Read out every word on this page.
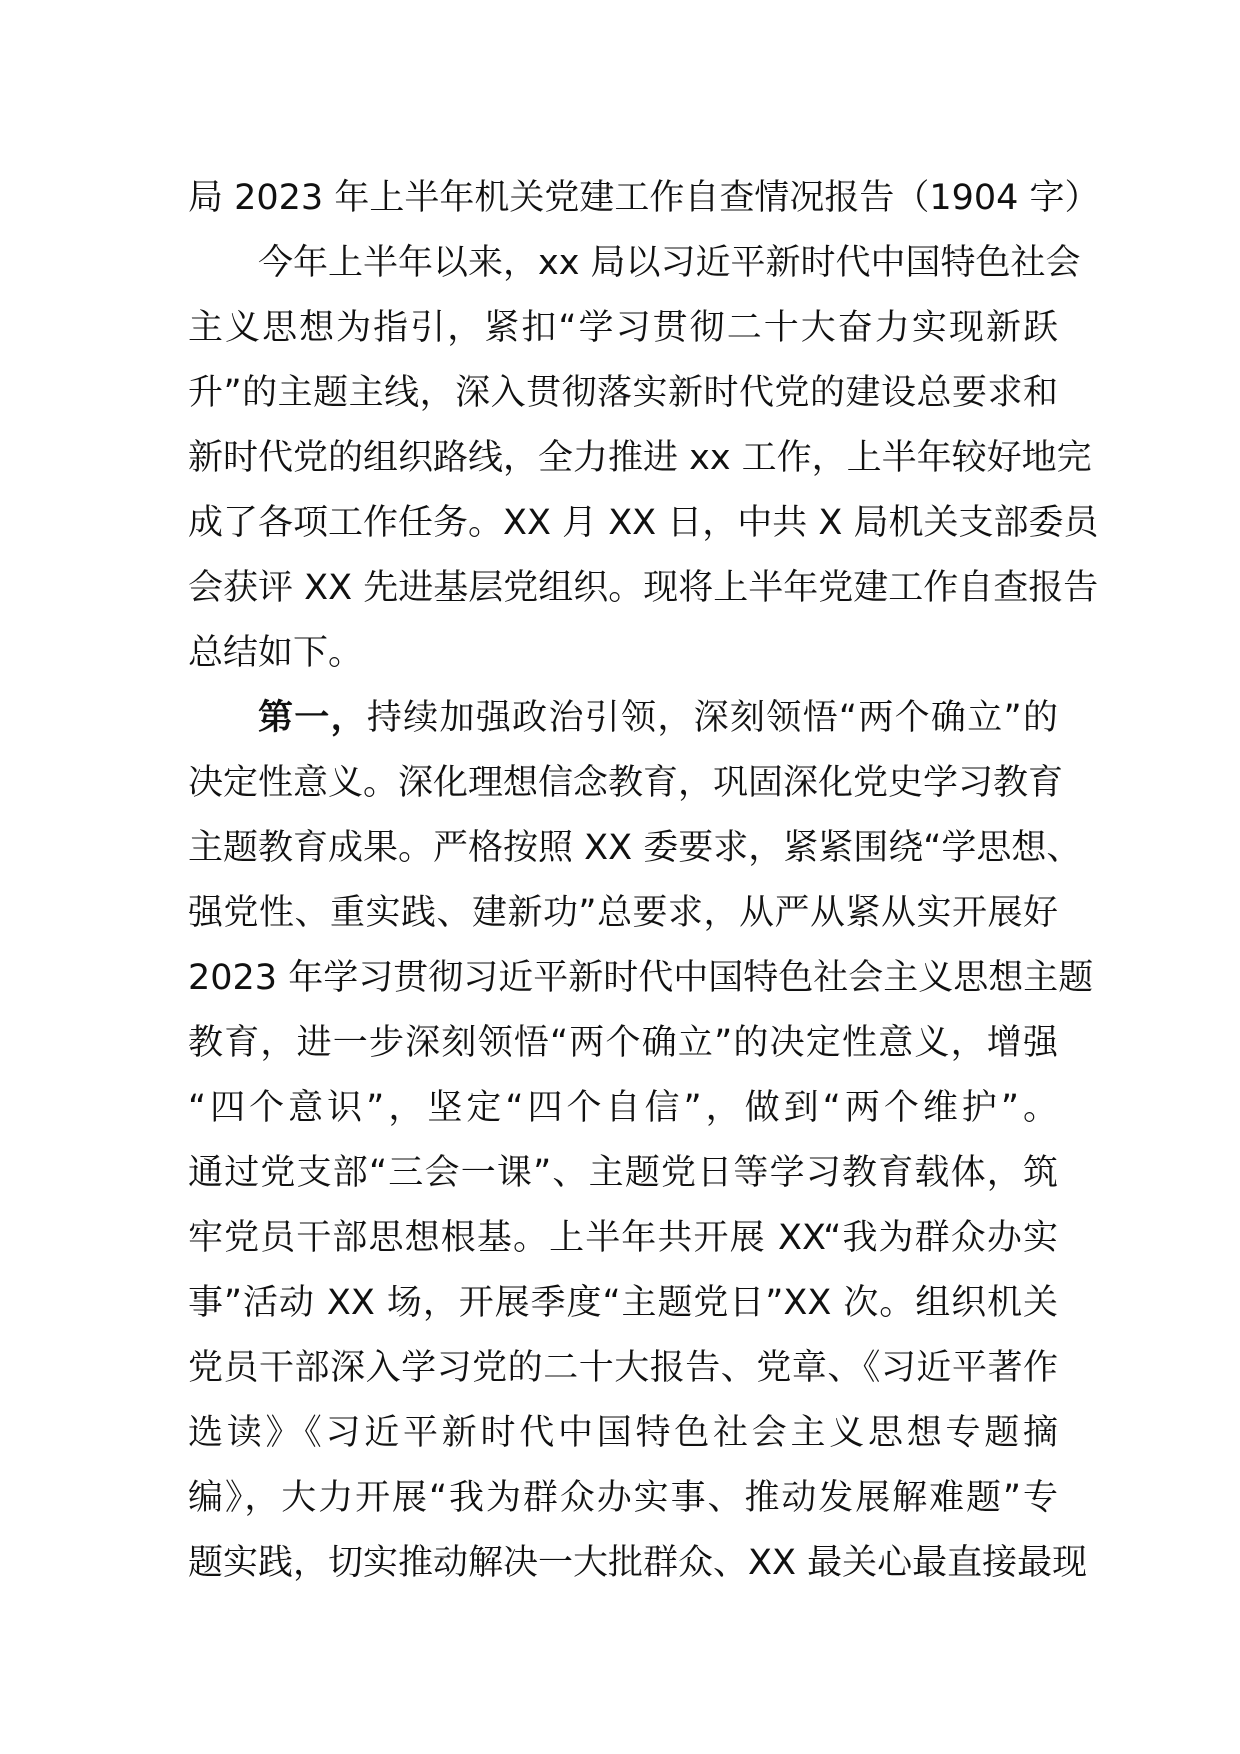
局 2023 年上半年机关党建工作自查情况报告（1904 字）
今年上半年以来，xx 局以习近平新时代中国特色社会
主义思想为指引，紧扣“学习贯彻二十大奋力实现新跃
升”的主题主线，深入贯彻落实新时代党的建设总要求和
新时代党的组织路线，全力推进 xx 工作，上半年较好地完
成了各项工作任务。XX 月 XX 日，中共 X 局机关支部委员
会获评 XX 先进基层党组织。现将上半年党建工作自查报告
总结如下。
第一，持续加强政治引领，深刻领悟“两个确立”的
决定性意义。深化理想信念教育，巩固深化党史学习教育
主题教育成果。严格按照 XX 委要求，紧紧围绕“学思想、
强党性、重实践、建新功”总要求，从严从紧从实开展好
2023 年学习贯彻习近平新时代中国特色社会主义思想主题
教育，进一步深刻领悟“两个确立”的决定性意义，增强
“四个意识”，坚定“四个自信”，做到“两个维护”。
通过党支部“三会一课”、主题党日等学习教育载体，筑
牢党员干部思想根基。上半年共开展 XX“我为群众办实
事”活动 XX 场，开展季度“主题党日”XX 次。组织机关
党员干部深入学习党的二十大报告、党章、《习近平著作
选读》《习近平新时代中国特色社会主义思想专题摘
编》，大力开展“我为群众办实事、推动发展解难题”专
题实践，切实推动解决一大批群众、XX 最关心最直接最现
